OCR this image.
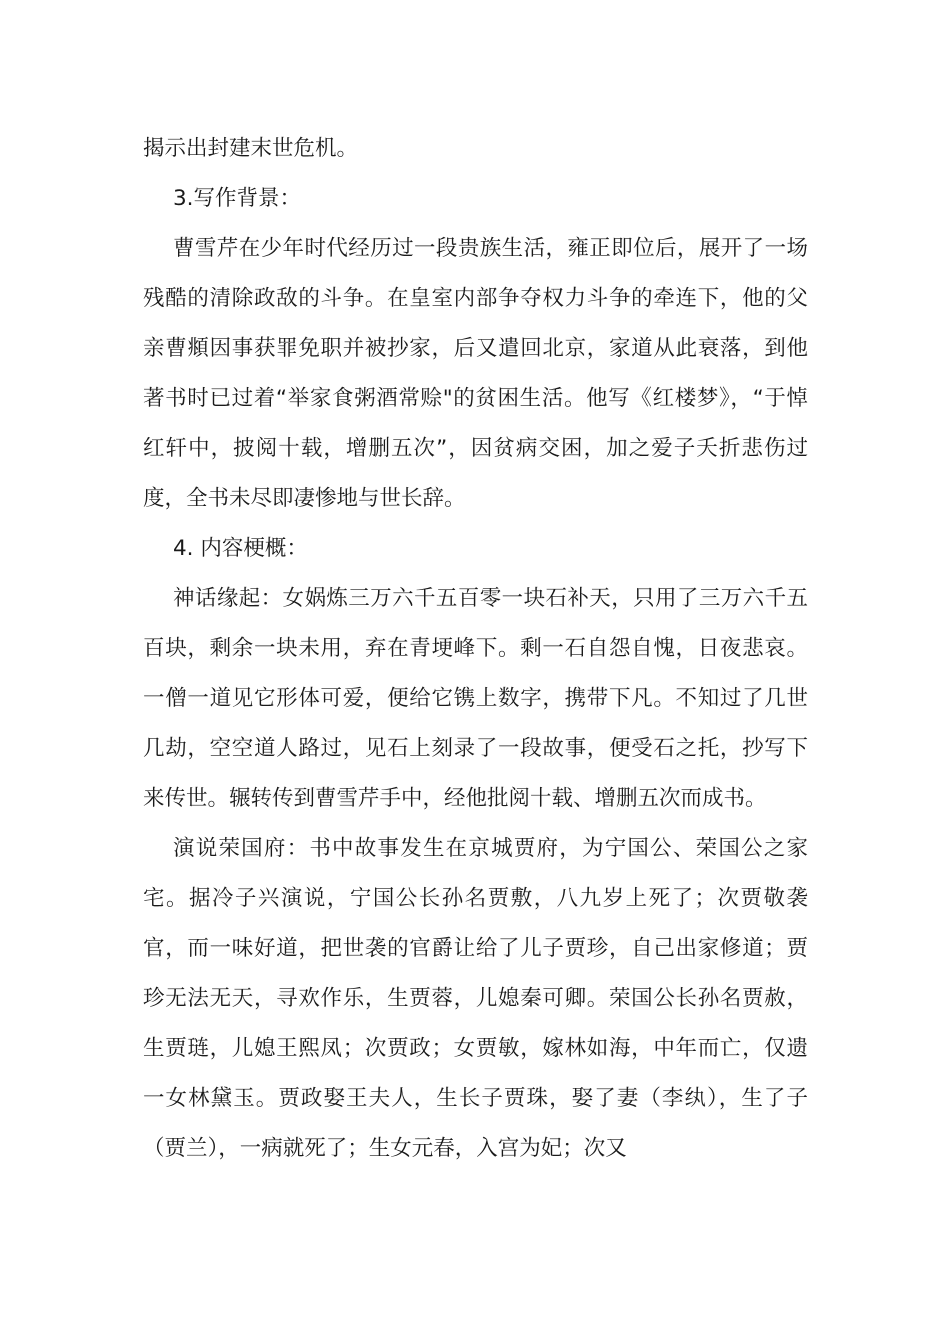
揭示出封建末世危机。

3.写作背景：

曹雪芹在少年时代经历过一段贵族生活，雍正即位后，展开了一场残酷的清除政敌的斗争。在皇室内部争夺权力斗争的牵连下，他的父亲曹頫因事获罪免职并被抄家，后又遣回北京，家道从此衰落，到他著书时已过着“举家食粥酒常赊"的贫困生活。他写《红楼梦》，“于悼红轩中，披阅十载，增删五次”，因贫病交困，加之爱子夭折悲伤过度，全书未尽即凄惨地与世长辞。

4. 内容梗概：

神话缘起：女娲炼三万六千五百零一块石补天，只用了三万六千五百块，剩余一块未用，弃在青埂峰下。剩一石自怨自愧，日夜悲哀。一僧一道见它形体可爱，便给它镌上数字，携带下凡。不知过了几世几劫，空空道人路过，见石上刻录了一段故事，便受石之托，抄写下来传世。辗转传到曹雪芹手中，经他批阅十载、增删五次而成书。

演说荣国府：书中故事发生在京城贾府，为宁国公、荣国公之家宅。据冷子兴演说，宁国公长孙名贾敷，八九岁上死了；次贾敬袭官，而一味好道，把世袭的官爵让给了儿子贾珍，自己出家修道；贾珍无法无天，寻欢作乐，生贾蓉，儿媳秦可卿。荣国公长孙名贾赦，生贾琏，儿媳王熙凤；次贾政；女贾敏，嫁林如海，中年而亡，仅遗一女林黛玉。贾政娶王夫人，生长子贾珠，娶了妻（李纨），生了子（贾兰），一病就死了；生女元春，入宫为妃；次又
